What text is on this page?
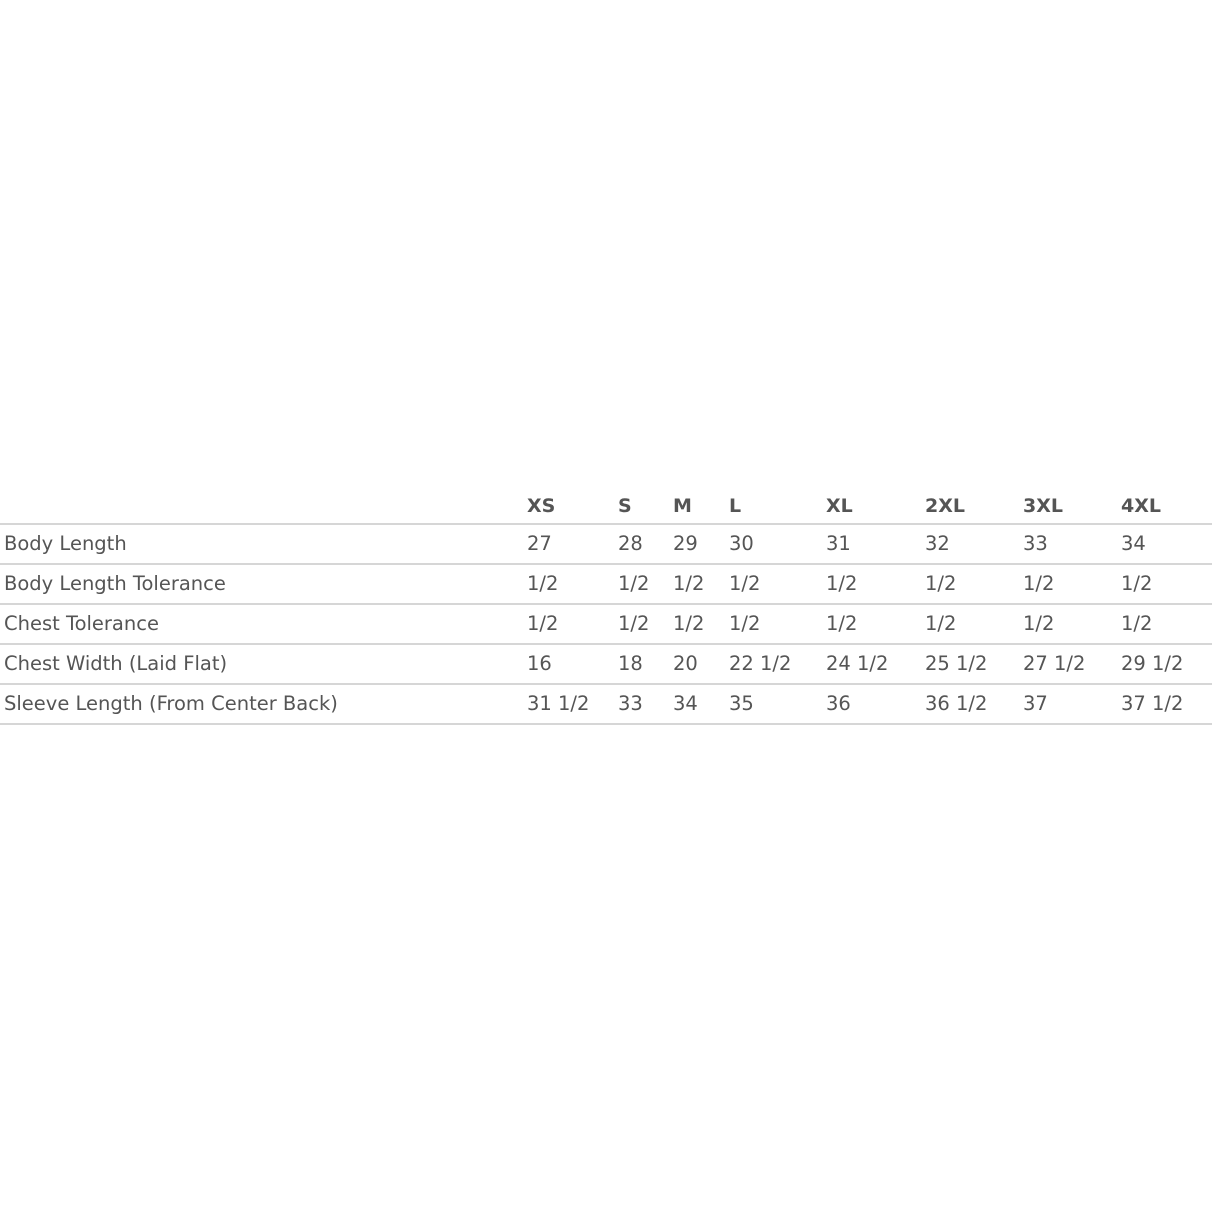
	XS	S	M	L	XL	2XL	3XL	4XL
Body Length	27	28	29	30	31	32	33	34
Body Length Tolerance	1/2	1/2	1/2	1/2	1/2	1/2	1/2	1/2
Chest Tolerance	1/2	1/2	1/2	1/2	1/2	1/2	1/2	1/2
Chest Width (Laid Flat)	16	18	20	22 1/2	24 1/2	25 1/2	27 1/2	29 1/2
Sleeve Length (From Center Back)	31 1/2	33	34	35	36	36 1/2	37	37 1/2
